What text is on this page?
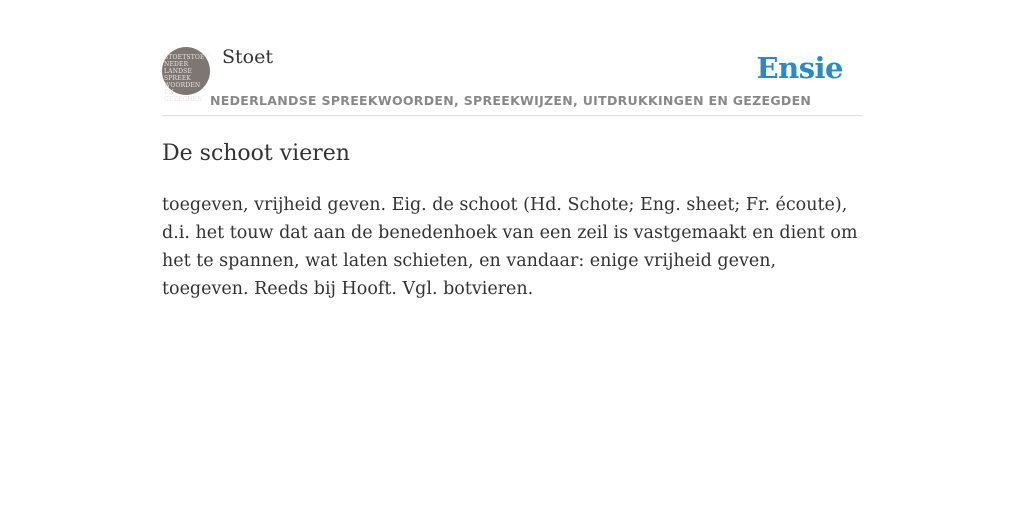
STOETSTOET
NEDER
LANDSE
SPREEK
WOORDEN EN
GEZEGDEN
Stoet	Ensie
NEDERLANDSE SPREEKWOORDEN, SPREEKWIJZEN, UITDRUKKINGEN EN GEZEGDEN
De schoot vieren

toegeven, vrijheid geven. Eig. de schoot (Hd. Schote; Eng. sheet; Fr. écoute), d.i. het touw dat aan de benedenhoek van een zeil is vastgemaakt en dient om het te spannen, wat laten schieten, en vandaar: enige vrijheid geven, toegeven. Reeds bij Hooft. Vgl. botvieren.
